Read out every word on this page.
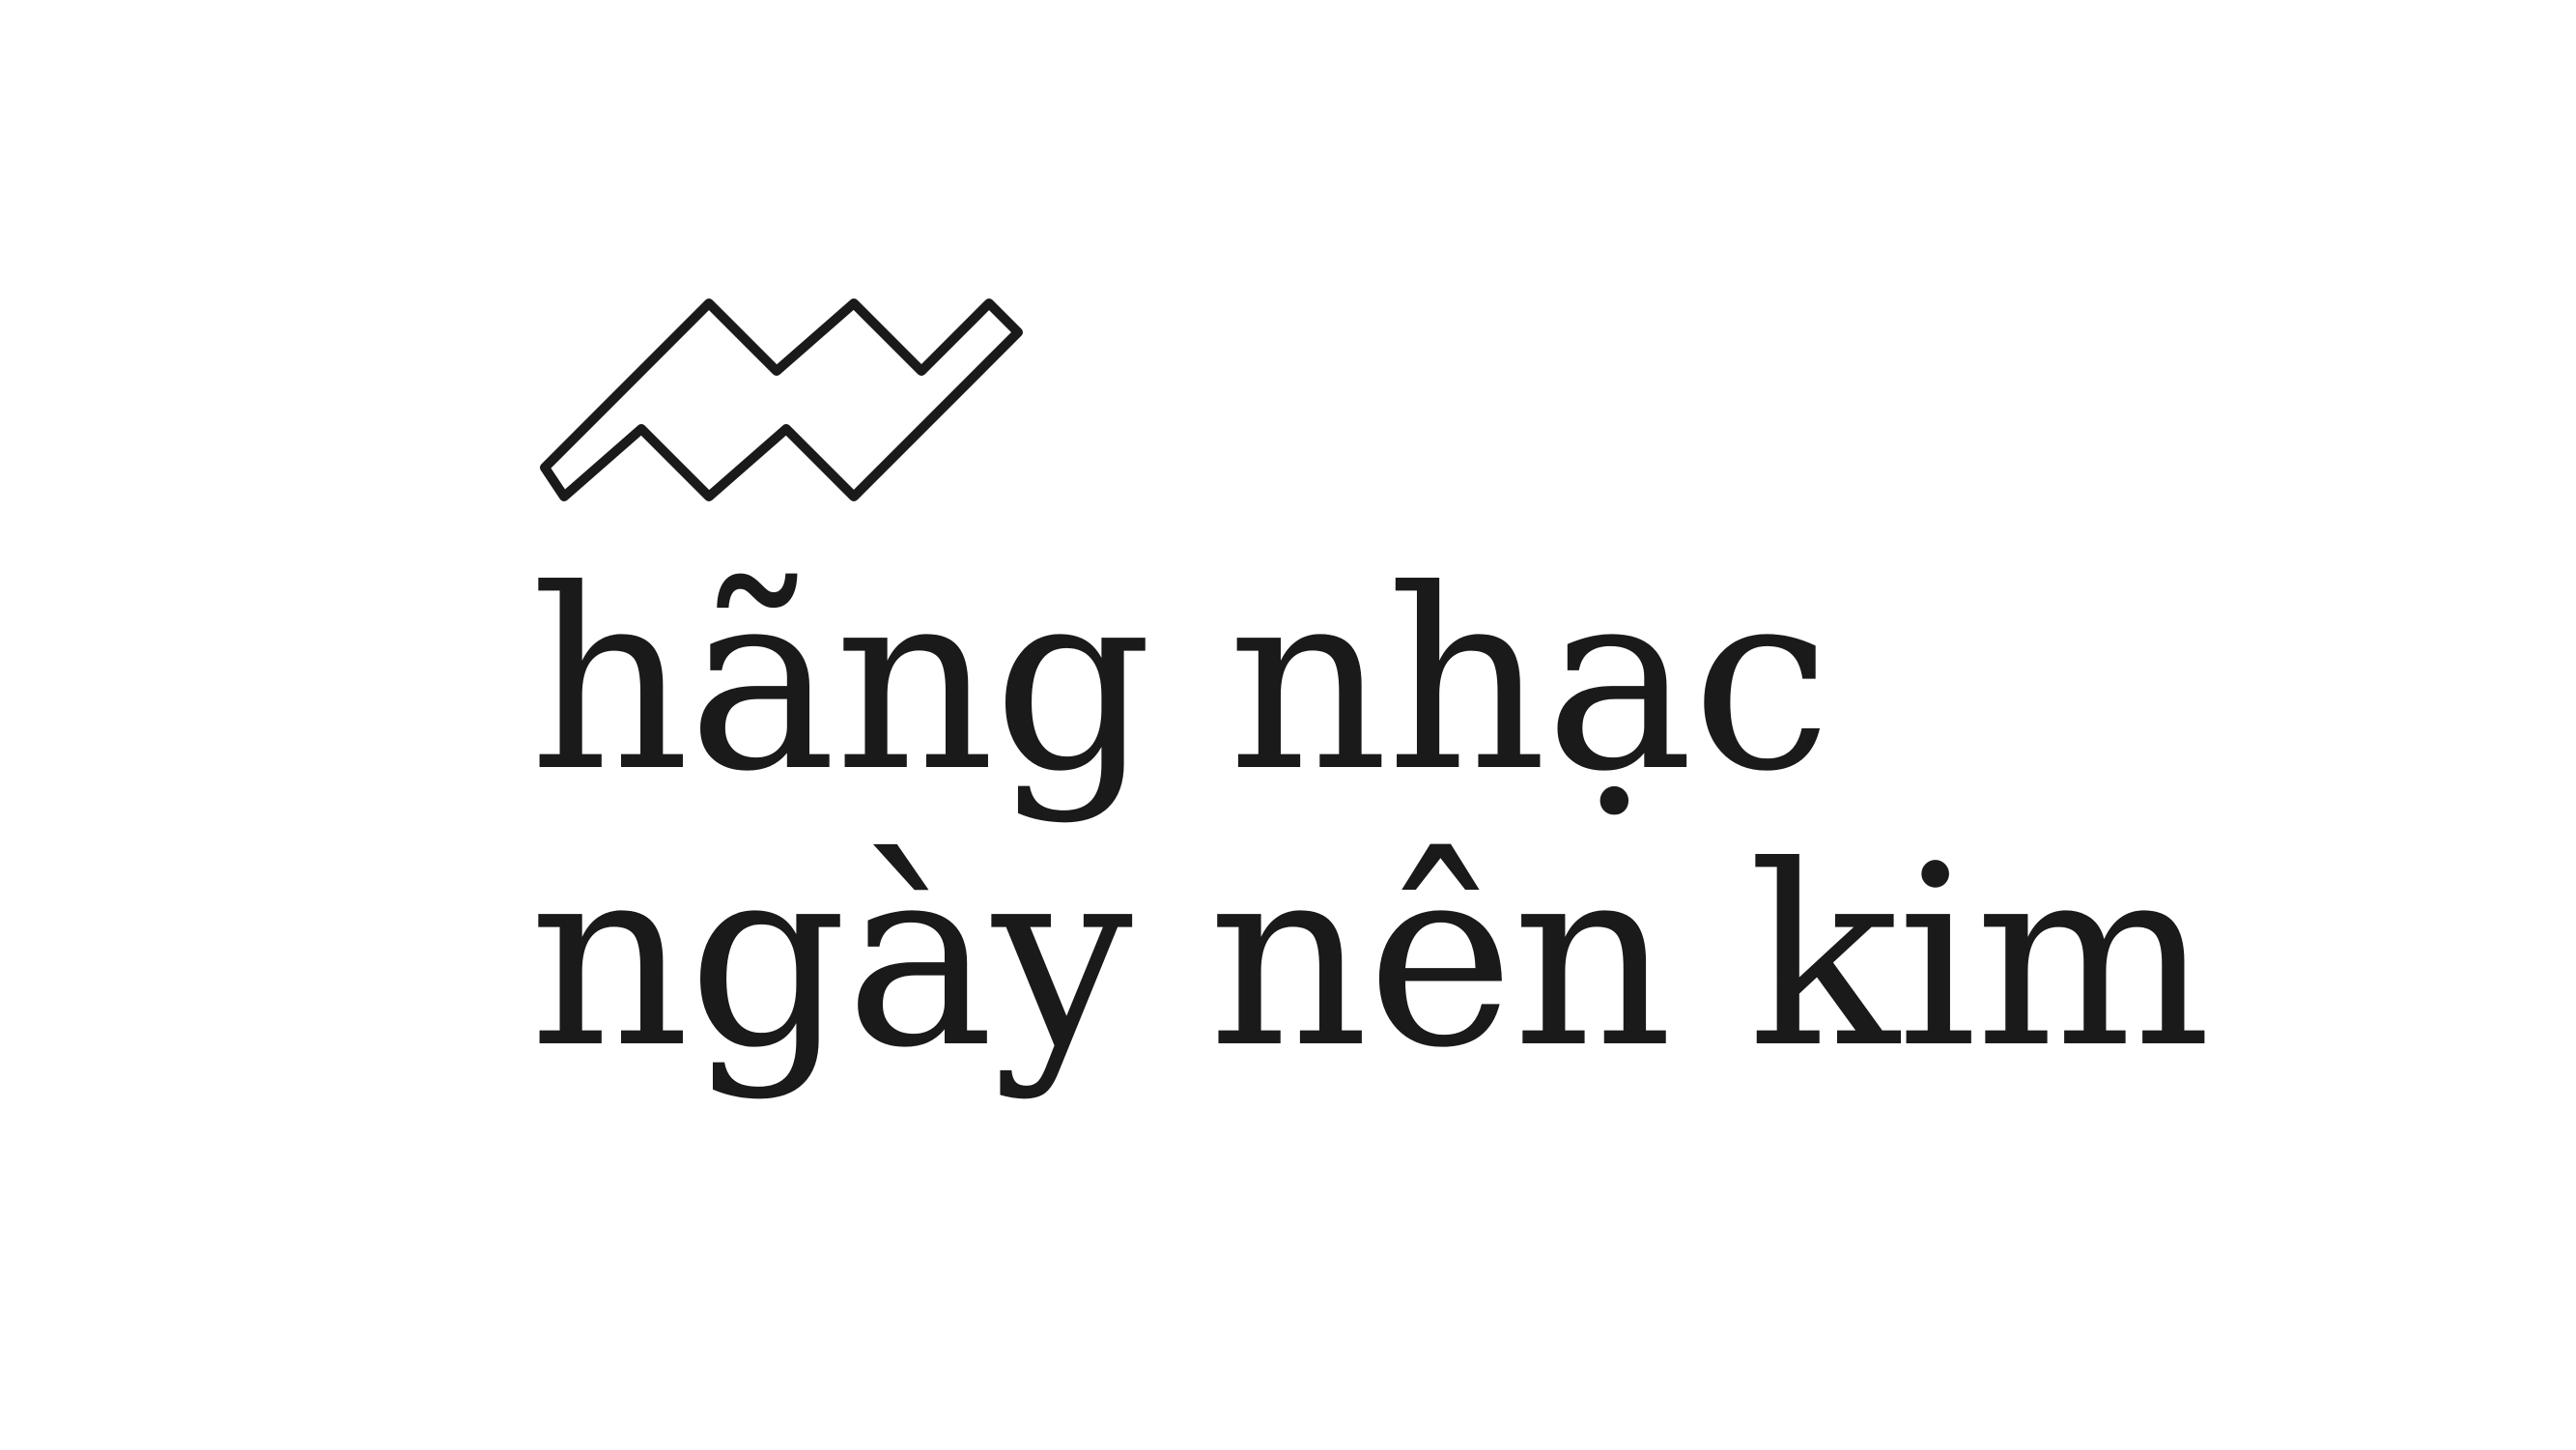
hãng nhạc
ngày nên kim
